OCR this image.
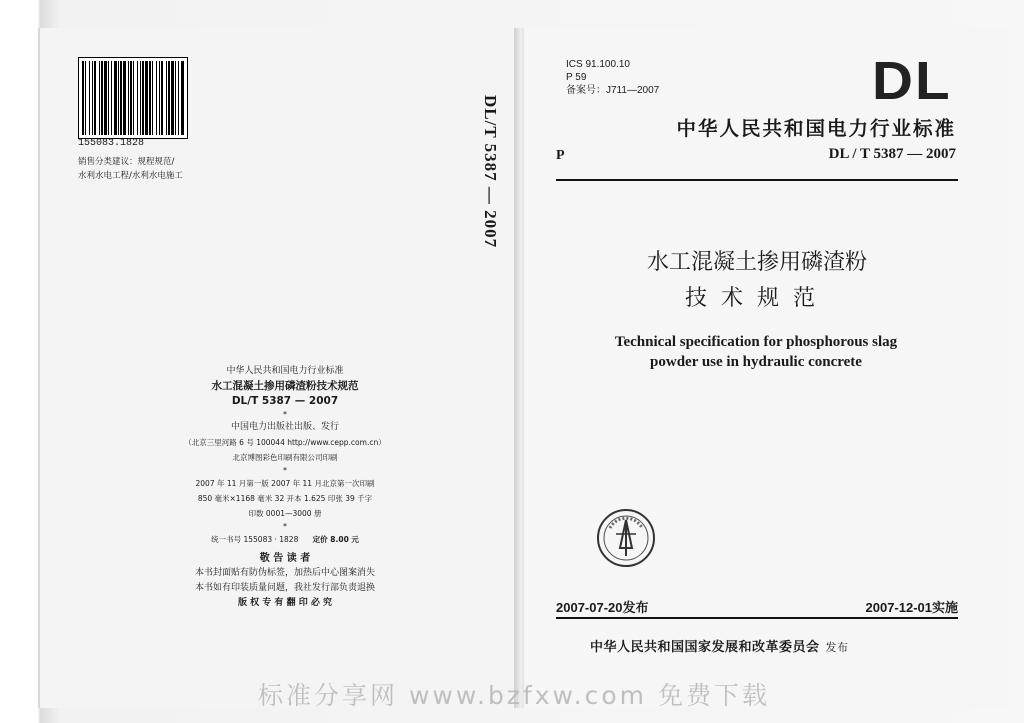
155083.1828
销售分类建议：规程规范/
水利水电工程/水利水电施工	DL/T 5387 — 2007
中华人民共和国电力行业标准
水工混凝土掺用磷渣粉技术规范
DL/T 5387 — 2007
*
中国电力出版社出版、发行
（北京三里河路 6 号 100044 http://www.cepp.com.cn）
北京博图彩色印刷有限公司印刷
*
2007 年 11 月第一版 2007 年 11 月北京第一次印刷
850 毫米×1168 毫米 32 开本 1.625 印张 39 千字
印数 0001—3000 册
*
统一书号 155083 · 1828 定价 8.00 元
敬 告 读 者
本书封面贴有防伪标签，加热后中心图案消失
本书如有印装质量问题，我社发行部负责退换
版 权 专 有 翻 印 必 究
ICS 91.100.10
P 59
备案号：J711—2007	DL
中华人民共和国电力行业标准
P	DL / T 5387 — 2007
水工混凝土掺用磷渣粉
技术规范
Technical specification for phosphorous slag
powder use in hydraulic concrete
2007-07-20发布	2007-12-01实施
中华人民共和国国家发展和改革委员会 发布
标准分享网 www.bzfxw.com 免费下载
